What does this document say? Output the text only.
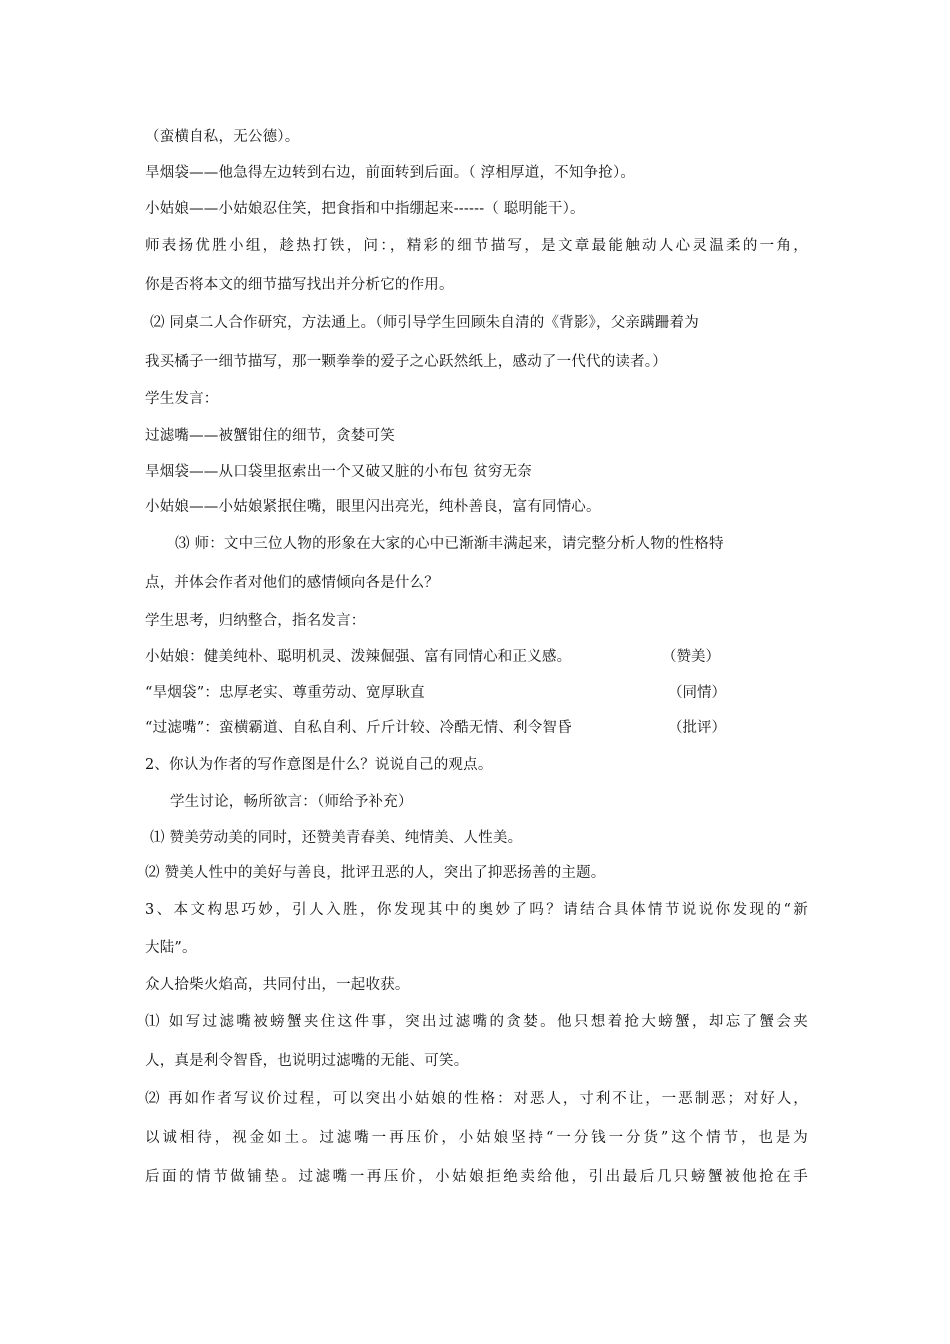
（蛮横自私，无公德）。
旱烟袋——他急得左边转到右边，前面转到后面。（ 淳相厚道，不知争抢）。
小姑娘——小姑娘忍住笑，把食指和中指绷起来------（ 聪明能干）。
师表扬优胜小组，趁热打铁，问：，精彩的细节描写，是文章最能触动人心灵温柔的一角，
你是否将本文的细节描写找出并分析它的作用。
⑵ 同桌二人合作研究，方法通上。（师引导学生回顾朱自清的《背影》，父亲蹒跚着为
我买橘子一细节描写，那一颗拳拳的爱子之心跃然纸上，感动了一代代的读者。）
学生发言：
过滤嘴——被蟹钳住的细节，贪婪可笑
旱烟袋——从口袋里抠索出一个又破又脏的小布包 贫穷无奈
小姑娘——小姑娘紧抿住嘴，眼里闪出亮光，纯朴善良，富有同情心。
⑶ 师：文中三位人物的形象在大家的心中已渐渐丰满起来，请完整分析人物的性格特
点，并体会作者对他们的感情倾向各是什么？
学生思考，归纳整合，指名发言：
小姑娘：健美纯朴、聪明机灵、泼辣倔强、富有同情心和正义感。	（赞美）
“旱烟袋”：忠厚老实、尊重劳动、宽厚耿直	（同情）
“过滤嘴”：蛮横霸道、自私自利、斤斤计较、冷酷无情、利令智昏	（批评）
2、你认为作者的写作意图是什么？说说自己的观点。
学生讨论，畅所欲言：（师给予补充）
⑴ 赞美劳动美的同时，还赞美青春美、纯情美、人性美。
⑵ 赞美人性中的美好与善良，批评丑恶的人，突出了抑恶扬善的主题。
3、本文构思巧妙，引人入胜，你发现其中的奥妙了吗？请结合具体情节说说你发现的“新
大陆”。
众人拾柴火焰高，共同付出，一起收获。
⑴ 如写过滤嘴被螃蟹夹住这件事，突出过滤嘴的贪婪。他只想着抢大螃蟹，却忘了蟹会夹
人，真是利令智昏，也说明过滤嘴的无能、可笑。
⑵ 再如作者写议价过程，可以突出小姑娘的性格：对恶人，寸利不让，一恶制恶；对好人，
以诚相待，视金如土。过滤嘴一再压价，小姑娘坚持“一分钱一分货”这个情节，也是为
后面的情节做铺垫。过滤嘴一再压价，小姑娘拒绝卖给他，引出最后几只螃蟹被他抢在手
